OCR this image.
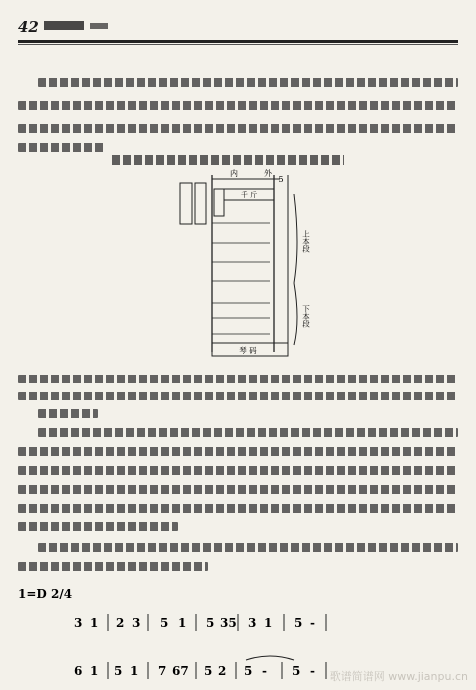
42
内	外
5
千 斤
琴 码
上本段
下本段
1=D 2/4
3 1 2 3 5 1 5 35 3 1 5 -
6 1 5 1 7 67 5 2 5 - 5 - 歌谱简谱网 www.jianpu.cn
